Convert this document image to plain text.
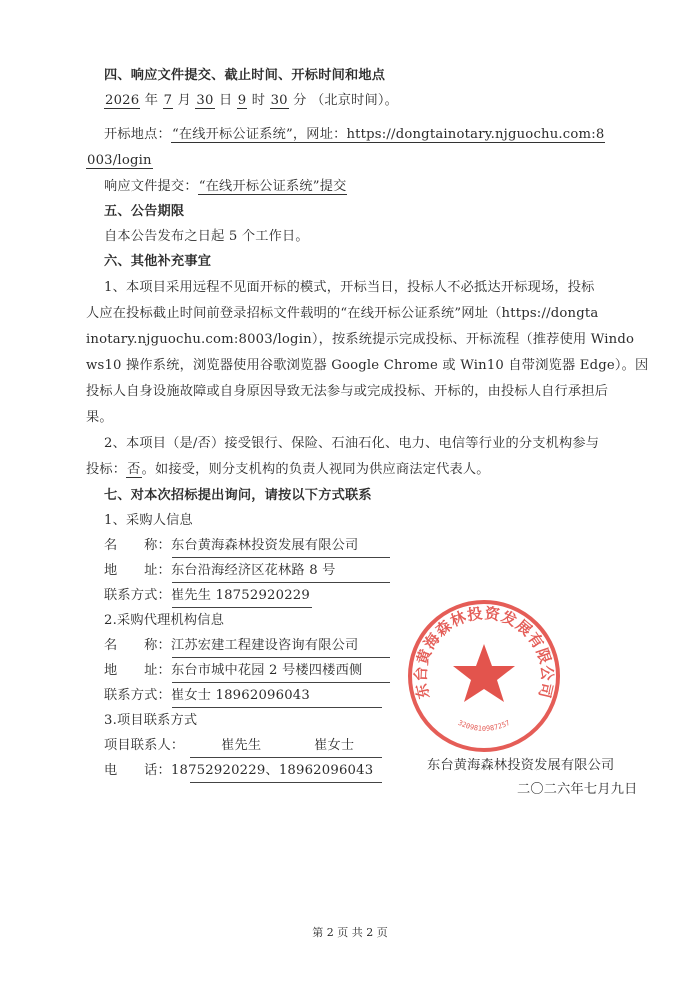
四、响应文件提交、截止时间、开标时间和地点
2026 年 7 月 30 日 9 时 30 分 （北京时间）。
开标地点：“在线开标公证系统”，网址：https://dongtainotary.njguochu.com:8
003/login
响应文件提交：“在线开标公证系统”提交
五、公告期限
自本公告发布之日起 5 个工作日。
六、其他补充事宜
1、本项目采用远程不见面开标的模式，开标当日，投标人不必抵达开标现场，投标
人应在投标截止时间前登录招标文件载明的“在线开标公证系统”网址（https://dongta
inotary.njguochu.com:8003/login），按系统提示完成投标、开标流程（推荐使用 Windo
ws10 操作系统，浏览器使用谷歌浏览器 Google Chrome 或 Win10 自带浏览器 Edge）。因
投标人自身设施故障或自身原因导致无法参与或完成投标、开标的，由投标人自行承担后
果。
2、本项目（是/否）接受银行、保险、石油石化、电力、电信等行业的分支机构参与
投标：否。如接受，则分支机构的负责人视同为供应商法定代表人。
七、对本次招标提出询问，请按以下方式联系
1、采购人信息
名　　称：东台黄海森林投资发展有限公司
地　　址：东台沿海经济区花林路 8 号
联系方式：崔先生 18752920229
2.采购代理机构信息
名　　称：江苏宏建工程建设咨询有限公司
地　　址：东台市城中花园 2 号楼四楼西侧
联系方式：崔女士 18962096043
3.项目联系方式
项目联系人：	崔先生	崔女士
电　　话：18752920229、18962096043
东台黄海森林投资发展有限公司
3209810987257
东台黄海森林投资发展有限公司
二〇二六年七月九日
第 2 页 共 2 页
